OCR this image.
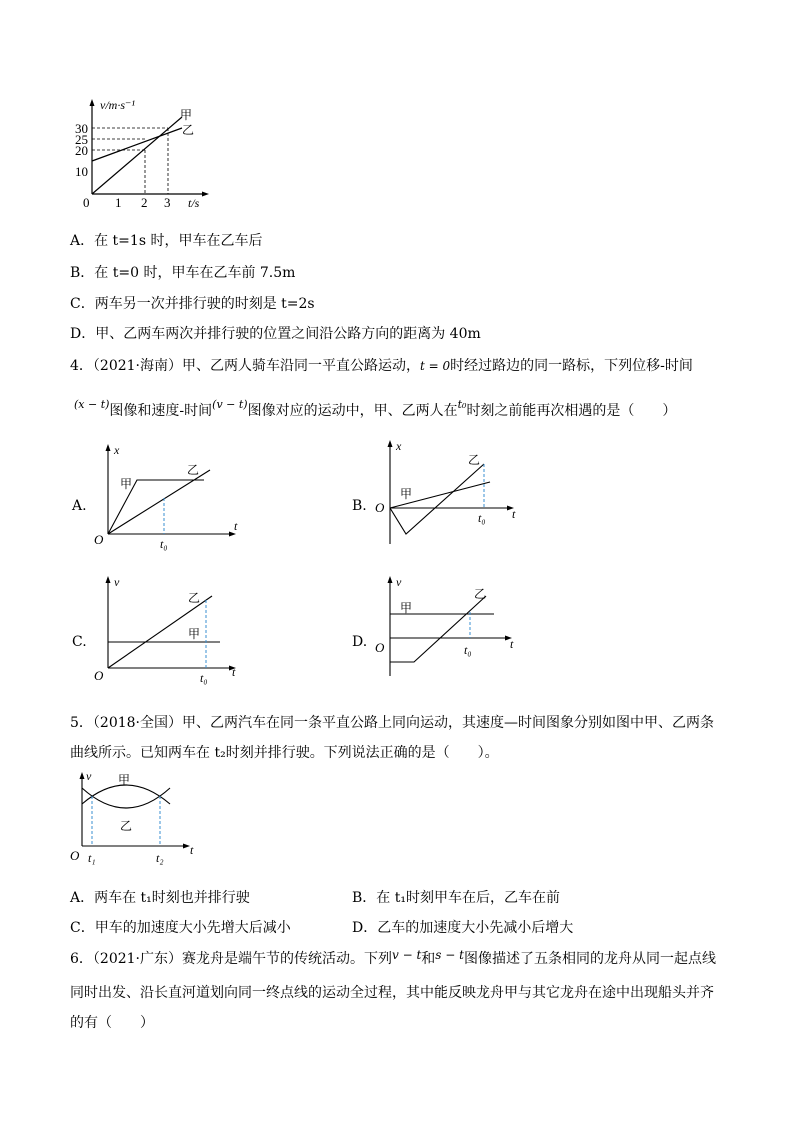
v/m·s⁻¹
t/s
30
25
20
10
0 1 2 3
甲
乙
A．在 t=1s 时，甲车在乙车后
B．在 t=0 时，甲车在乙车前 7.5m
C．两车另一次并排行驶的时刻是 t=2s
D．甲、乙两车两次并排行驶的位置之间沿公路方向的距离为 40m
4．（2021·海南）甲、乙两人骑车沿同一平直公路运动，t = 0时经过路边的同一路标，下列位移-时间
$^{(x - t)}$图像和速度-时间$^{(v - t)}$图像对应的运动中，甲、乙两人在$^{t_0}$时刻之前能再次相遇的是（　　）
A.
x
t
O	t₀
甲
乙
B.
x
t
O
t₀
甲
乙
C.
v
t
O	t₀
甲
乙
D.
v
t
O	t₀
甲
乙
5．（2018·全国）甲、乙两汽车在同一条平直公路上同向运动，其速度—时间图象分别如图中甲、乙两条
曲线所示。已知两车在 t₂时刻并排行驶。下列说法正确的是（　　）。
v
t
O t₁	t₂
甲
乙
A．两车在 t₁时刻也并排行驶	B．在 t₁时刻甲车在后，乙车在前
C．甲车的加速度大小先增大后减小	D．乙车的加速度大小先减小后增大
6．（2021·广东）赛龙舟是端午节的传统活动。下列v − t和s − t图像描述了五条相同的龙舟从同一起点线
同时出发、沿长直河道划向同一终点线的运动全过程，其中能反映龙舟甲与其它龙舟在途中出现船头并齐
的有（　　）
